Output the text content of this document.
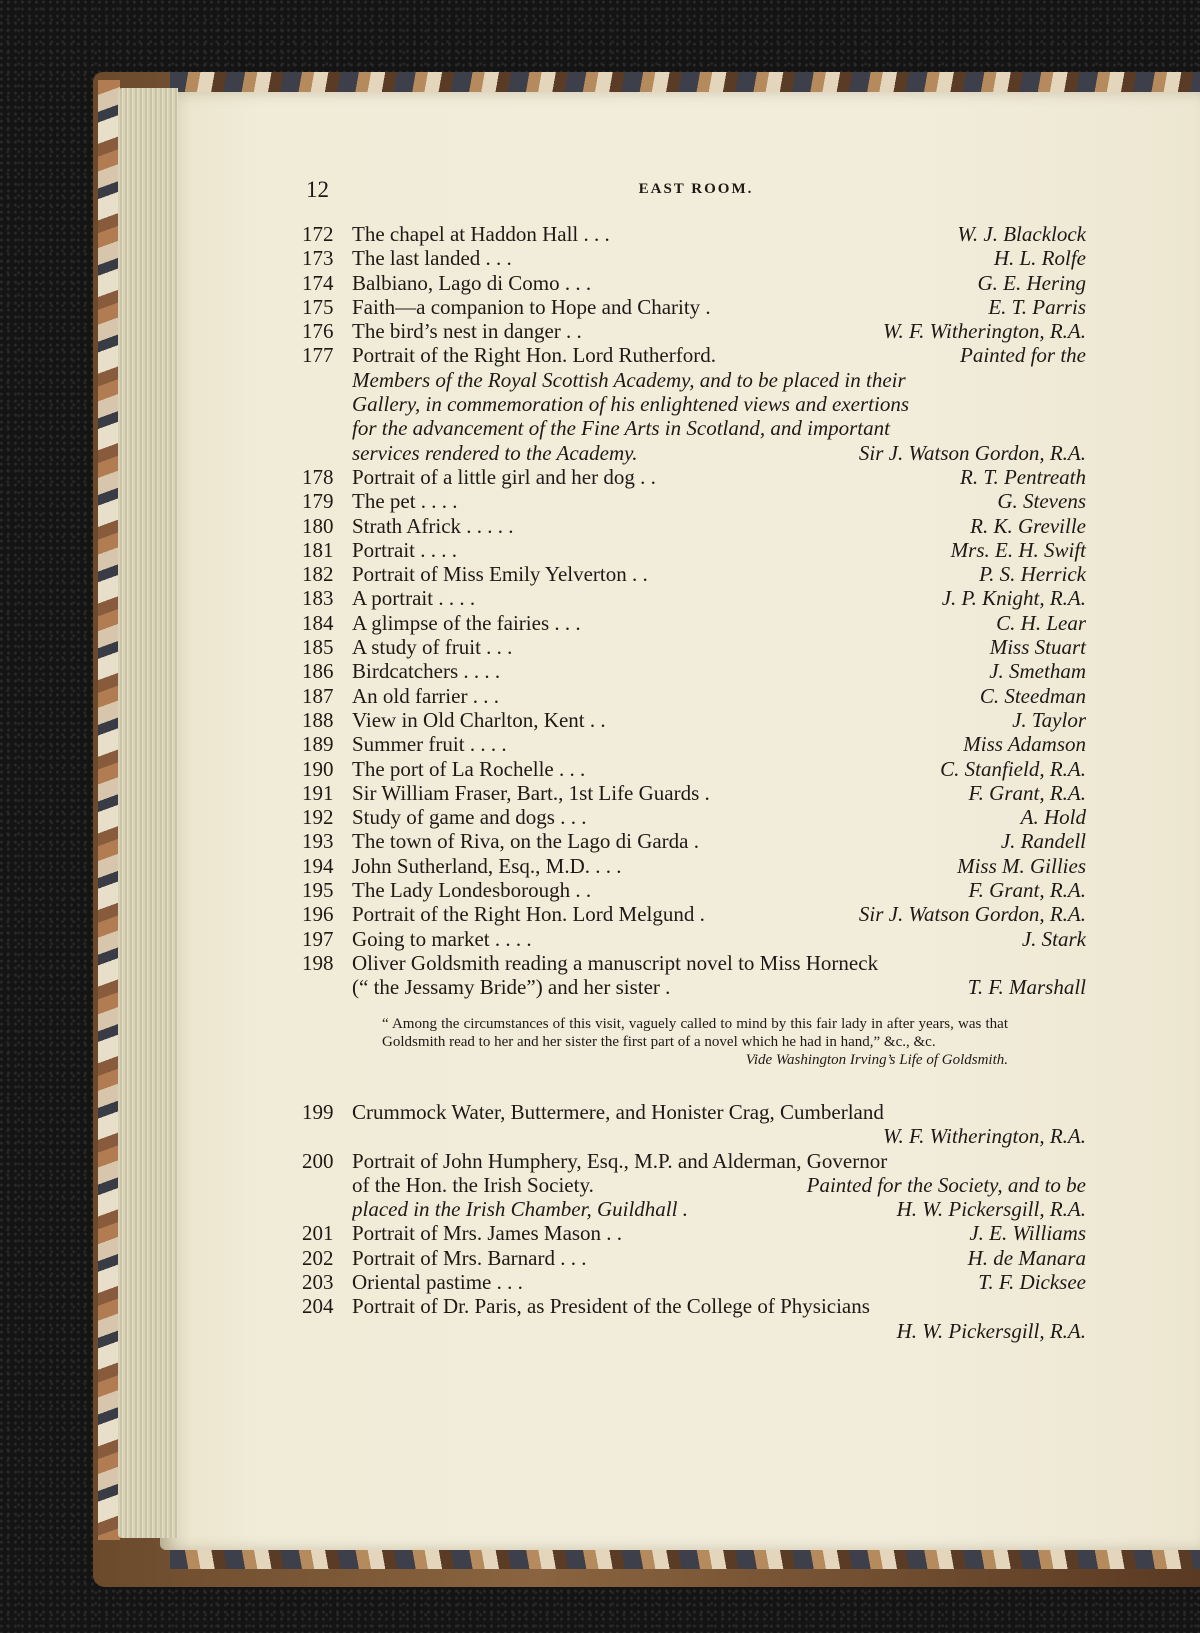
12	EAST ROOM.
172 The chapel at Haddon Hall . . .	W. J. Blacklock
173 The last landed . . .	H. L. Rolfe
174 Balbiano, Lago di Como . . .	G. E. Hering
175 Faith—a companion to Hope and Charity .	E. T. Parris
176 The bird’s nest in danger . .	W. F. Witherington, R.A.
177 Portrait of the Right Hon. Lord Rutherford.	Painted for the
Members of the Royal Scottish Academy, and to be placed in their
Gallery, in commemoration of his enlightened views and exertions
for the advancement of the Fine Arts in Scotland, and important
services rendered to the Academy.	Sir J. Watson Gordon, R.A.
178 Portrait of a little girl and her dog . .	R. T. Pentreath
179 The pet . . . .	G. Stevens
180 Strath Africk . . . . .	R. K. Greville
181 Portrait . . . .	Mrs. E. H. Swift
182 Portrait of Miss Emily Yelverton . .	P. S. Herrick
183 A portrait . . . .	J. P. Knight, R.A.
184 A glimpse of the fairies . . .	C. H. Lear
185 A study of fruit . . .	Miss Stuart
186 Birdcatchers . . . .	J. Smetham
187 An old farrier . . .	C. Steedman
188 View in Old Charlton, Kent . .	J. Taylor
189 Summer fruit . . . .	Miss Adamson
190 The port of La Rochelle . . .	C. Stanfield, R.A.
191 Sir William Fraser, Bart., 1st Life Guards .	F. Grant, R.A.
192 Study of game and dogs . . .	A. Hold
193 The town of Riva, on the Lago di Garda .	J. Randell
194 John Sutherland, Esq., M.D. . . .	Miss M. Gillies
195 The Lady Londesborough . .	F. Grant, R.A.
196 Portrait of the Right Hon. Lord Melgund .	Sir J. Watson Gordon, R.A.
197 Going to market . . . .	J. Stark
198 Oliver Goldsmith reading a manuscript novel to Miss Horneck
(“ the Jessamy Bride”) and her sister .	T. F. Marshall
“ Among the circumstances of this visit, vaguely called to mind by this fair lady in after years, was that Goldsmith read to her and her sister the first part of a novel which he had in hand,” &c., &c.
Vide Washington Irving’s Life of Goldsmith.
199 Crummock Water, Buttermere, and Honister Crag, Cumberland
W. F. Witherington, R.A.
200 Portrait of John Humphery, Esq., M.P. and Alderman, Governor
of the Hon. the Irish Society.	Painted for the Society, and to be
placed in the Irish Chamber, Guildhall .	H. W. Pickersgill, R.A.
201 Portrait of Mrs. James Mason . .	J. E. Williams
202 Portrait of Mrs. Barnard . . .	H. de Manara
203 Oriental pastime . . .	T. F. Dicksee
204 Portrait of Dr. Paris, as President of the College of Physicians
H. W. Pickersgill, R.A.
